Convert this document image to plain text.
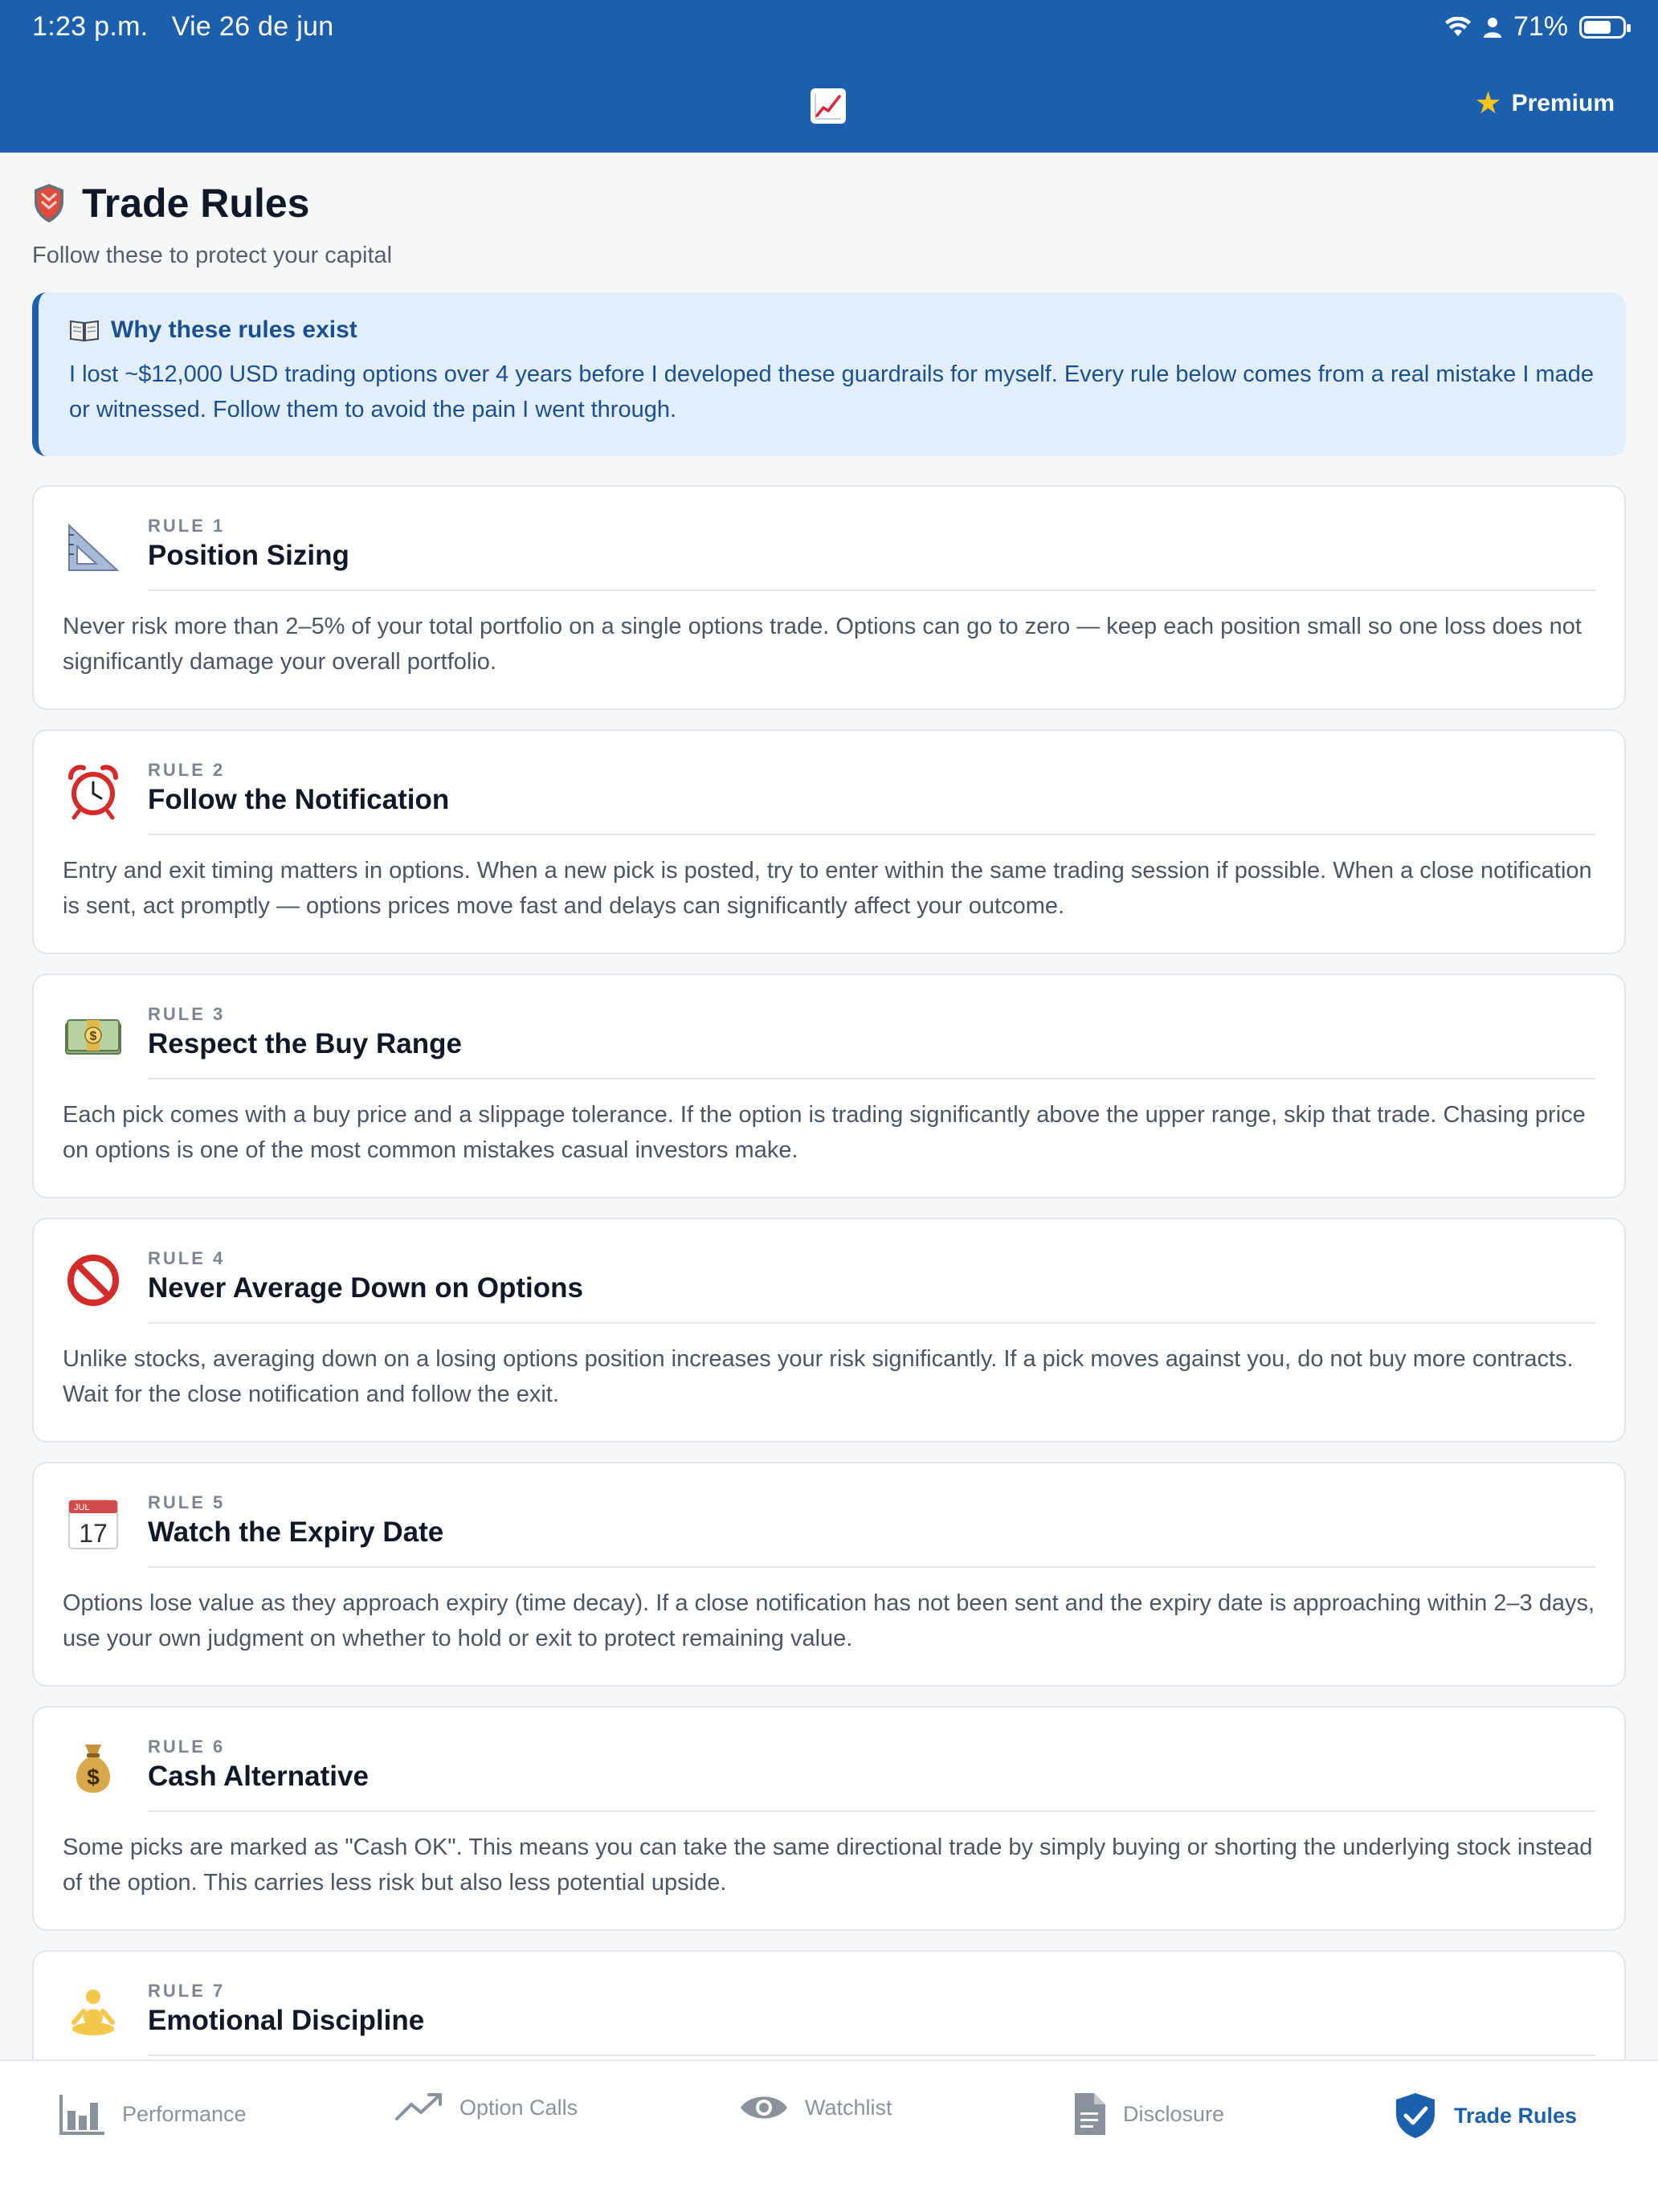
1:23 p.m. Vie 26 de jun	71%
★ Premium
Trade Rules
Follow these to protect your capital
Why these rules exist
I lost ~$12,000 USD trading options over 4 years before I developed these guardrails for myself. Every rule below comes from a real mistake I made or witnessed. Follow them to avoid the pain I went through.
RULE 1
Position Sizing
Never risk more than 2–5% of your total portfolio on a single options trade. Options can go to zero — keep each position small so one loss does not significantly damage your overall portfolio.
RULE 2
Follow the Notification
Entry and exit timing matters in options. When a new pick is posted, try to enter within the same trading session if possible. When a close notification is sent, act promptly — options prices move fast and delays can significantly affect your outcome.
$
RULE 3
Respect the Buy Range
Each pick comes with a buy price and a slippage tolerance. If the option is trading significantly above the upper range, skip that trade. Chasing price on options is one of the most common mistakes casual investors make.
RULE 4
Never Average Down on Options
Unlike stocks, averaging down on a losing options position increases your risk significantly. If a pick moves against you, do not buy more contracts. Wait for the close notification and follow the exit.
JUL
17
RULE 5
Watch the Expiry Date
Options lose value as they approach expiry (time decay). If a close notification has not been sent and the expiry date is approaching within 2–3 days, use your own judgment on whether to hold or exit to protect remaining value.
$
RULE 6
Cash Alternative
Some picks are marked as "Cash OK". This means you can take the same directional trade by simply buying or shorting the underlying stock instead of the option. This carries less risk but also less potential upside.
RULE 7
Emotional Discipline
Performance	Option Calls	Watchlist	Disclosure	Trade Rules
